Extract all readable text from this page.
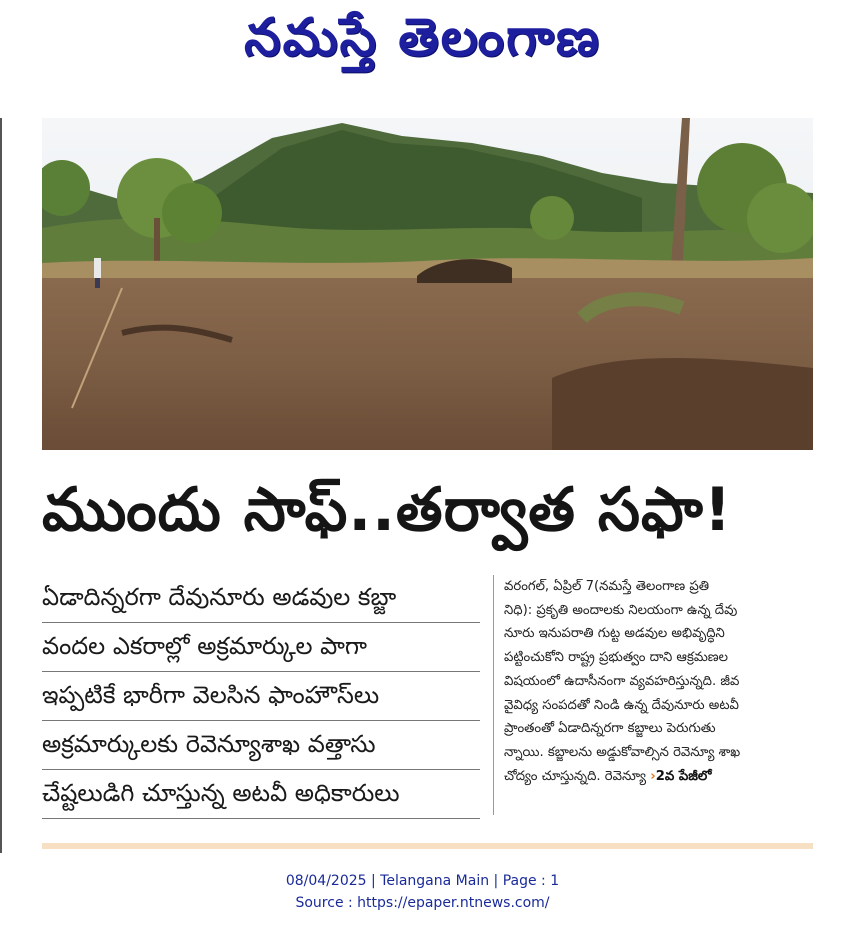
నమస్తే తెలంగాణ
ముందు సాఫ్..తర్వాత సఫా!
ఏడాదిన్నరగా దేవునూరు అడవుల కబ్జా
వందల ఎకరాల్లో అక్రమార్కుల పాగా
ఇప్పటికే భారీగా వెలసిన ఫాంహౌస్‌లు
అక్రమార్కులకు రెవెన్యూశాఖ వత్తాసు
చేష్టలుడిగి చూస్తున్న అటవీ అధికారులు
వరంగల్, ఏప్రిల్ 7(నమస్తే తెలంగాణ ప్రతి
నిధి): ప్రకృతి అందాలకు నిలయంగా ఉన్న దేవు
నూరు ఇనుపరాతి గుట్ట అడవుల అభివృద్ధిని
పట్టించుకోని రాష్ట్ర ప్రభుత్వం దాని ఆక్రమణల
విషయంలో ఉదాసీనంగా వ్యవహరిస్తున్నది. జీవ
వైవిధ్య సంపదతో నిండి ఉన్న దేవునూరు అటవీ
ప్రాంతంతో ఏడాదిన్నరగా కబ్జాలు పెరుగుతు
న్నాయి. కబ్జాలను అడ్డుకోవాల్సిన రెవెన్యూ శాఖ
చోద్యం చూస్తున్నది. రెవెన్యూ ›2వ పేజీలో
08/04/2025 | Telangana Main | Page : 1
Source : https://epaper.ntnews.com/
